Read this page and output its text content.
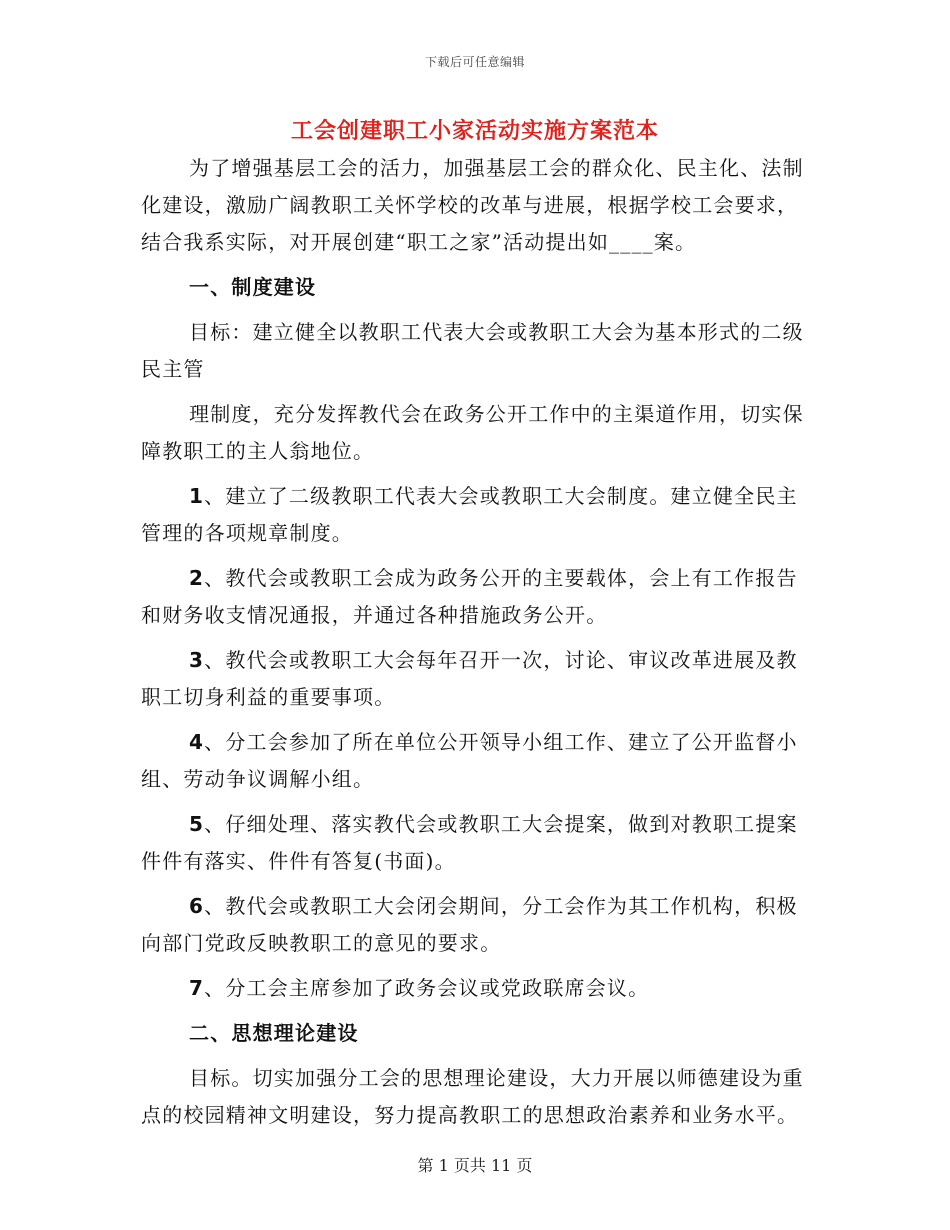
下载后可任意编辑
工会创建职工小家活动实施方案范本

为了增强基层工会的活力，加强基层工会的群众化、民主化、法制化建设，激励广阔教职工关怀学校的改革与进展，根据学校工会要求，结合我系实际，对开展创建“职工之家”活动提出如____案。

一、制度建设

目标：建立健全以教职工代表大会或教职工大会为基本形式的二级民主管

理制度，充分发挥教代会在政务公开工作中的主渠道作用，切实保障教职工的主人翁地位。

1、建立了二级教职工代表大会或教职工大会制度。建立健全民主管理的各项规章制度。

2、教代会或教职工会成为政务公开的主要载体，会上有工作报告和财务收支情况通报，并通过各种措施政务公开。

3、教代会或教职工大会每年召开一次，讨论、审议改革进展及教职工切身利益的重要事项。

4、分工会参加了所在单位公开领导小组工作、建立了公开监督小组、劳动争议调解小组。

5、仔细处理、落实教代会或教职工大会提案，做到对教职工提案件件有落实、件件有答复(书面)。

6、教代会或教职工大会闭会期间，分工会作为其工作机构，积极向部门党政反映教职工的意见的要求。

7、分工会主席参加了政务会议或党政联席会议。

二、思想理论建设

目标。切实加强分工会的思想理论建设，大力开展以师德建设为重点的校园精神文明建设，努力提高教职工的思想政治素养和业务水平。

第 1 页共 11 页
